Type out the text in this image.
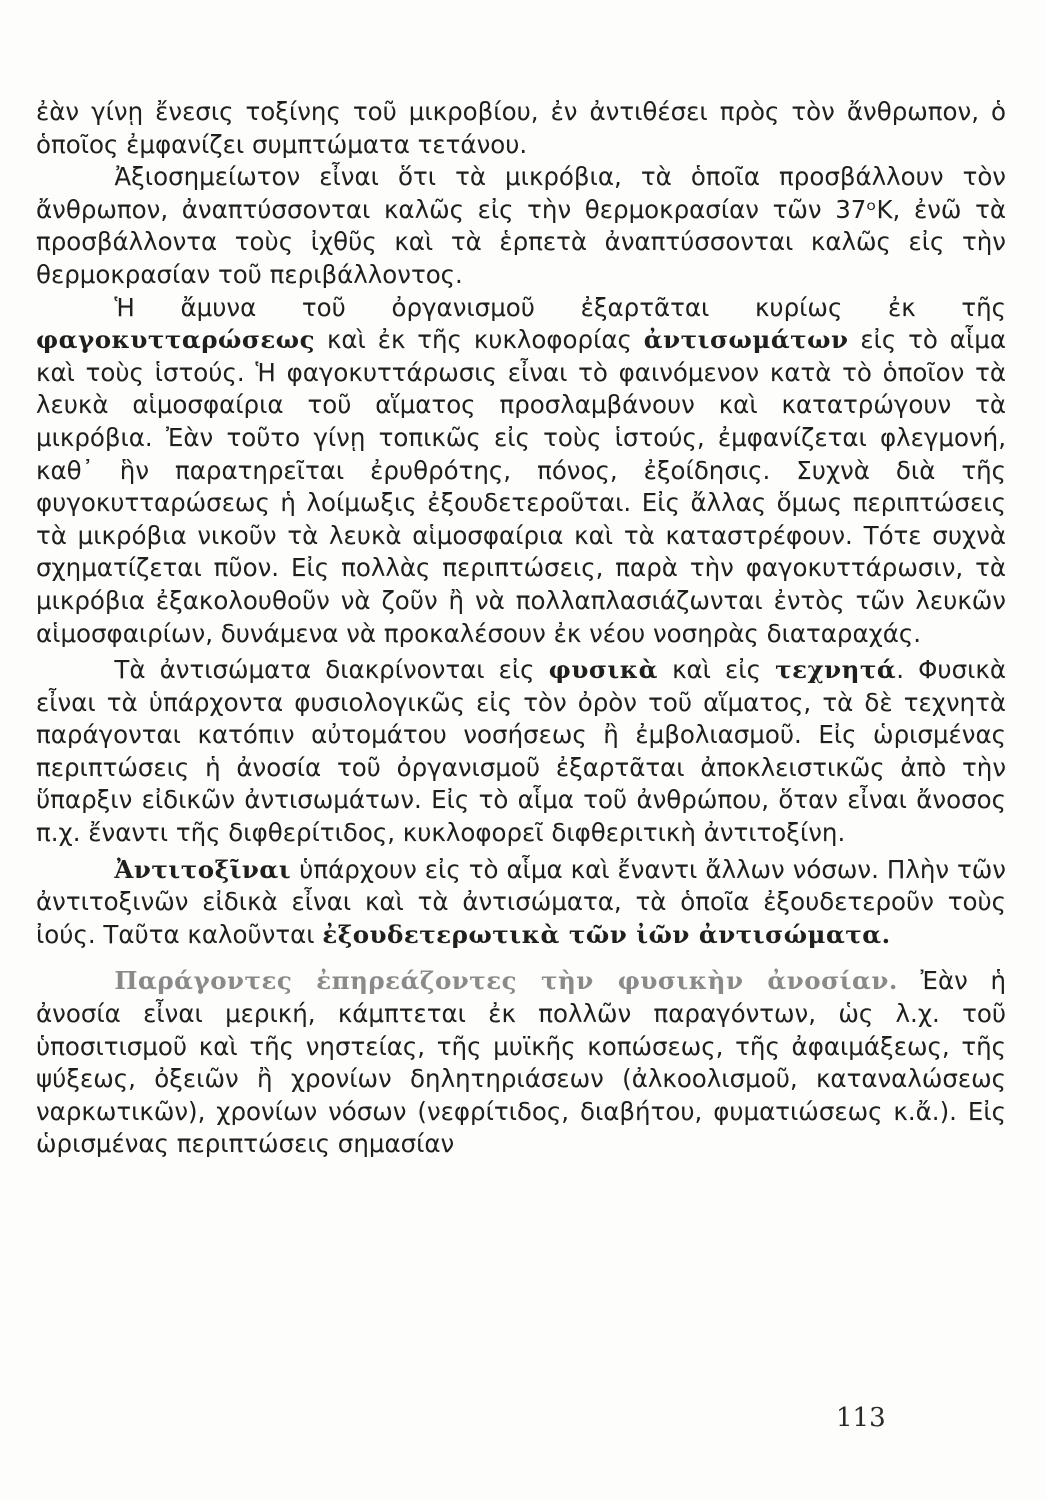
ἐὰν γίνῃ ἔνεσις τοξίνης τοῦ μικροβίου, ἐν ἀντιθέσει πρὸς τὸν ἄνθρωπον, ὁ ὁποῖος ἐμφανίζει συμπτώματα τετάνου.

Ἀξιοσημείωτον εἶναι ὅτι τὰ μικρόβια, τὰ ὁποῖα προσβάλλουν τὸν ἄνθρωπον, ἀναπτύσσονται καλῶς εἰς τὴν θερμοκρασίαν τῶν 37ᵒΚ, ἐνῶ τὰ προσβάλλοντα τοὺς ἰχθῦς καὶ τὰ ἑρπετὰ ἀναπτύσσονται καλῶς εἰς τὴν θερμοκρασίαν τοῦ περιβάλλοντος.

Ἡ ἄμυνα τοῦ ὀργανισμοῦ ἐξαρτᾶται κυρίως ἐκ τῆς φαγοκυτταρώσεως καὶ ἐκ τῆς κυκλοφορίας ἀντισωμάτων εἰς τὸ αἷμα καὶ τοὺς ἱστούς. Ἡ φαγοκυττάρωσις εἶναι τὸ φαινόμενον κατὰ τὸ ὁποῖον τὰ λευκὰ αἱμοσφαίρια τοῦ αἵματος προσλαμβάνουν καὶ κατατρώγουν τὰ μικρόβια. Ἐὰν τοῦτο γίνῃ τοπικῶς εἰς τοὺς ἱστούς, ἐμφανίζεται φλεγμονή, καθ᾽ ἣν παρατηρεῖται ἐρυθρότης, πόνος, ἐξοίδησις. Συχνὰ διὰ τῆς φυγοκυτταρώσεως ἡ λοίμωξις ἐξουδετεροῦται. Εἰς ἄλλας ὅμως περιπτώσεις τὰ μικρόβια νικοῦν τὰ λευκὰ αἱμοσφαίρια καὶ τὰ καταστρέφουν. Τότε συχνὰ σχηματίζεται πῦον. Εἰς πολλὰς περιπτώσεις, παρὰ τὴν φαγοκυττάρωσιν, τὰ μικρόβια ἐξακολουθοῦν νὰ ζοῦν ἢ νὰ πολλαπλασιάζωνται ἐντὸς τῶν λευκῶν αἱμοσφαιρίων, δυνάμενα νὰ προκαλέσουν ἐκ νέου νοσηρὰς διαταραχάς.

Τὰ ἀντισώματα διακρίνονται εἰς φυσικὰ καὶ εἰς τεχνητά. Φυσικὰ εἶναι τὰ ὑπάρχοντα φυσιολογικῶς εἰς τὸν ὀρὸν τοῦ αἵματος, τὰ δὲ τεχνητὰ παράγονται κατόπιν αὐτομάτου νοσήσεως ἢ ἐμβολιασμοῦ. Εἰς ὡρισμένας περιπτώσεις ἡ ἀνοσία τοῦ ὀργανισμοῦ ἐξαρτᾶται ἀποκλειστικῶς ἀπὸ τὴν ὕπαρξιν εἰδικῶν ἀντισωμάτων. Εἰς τὸ αἷμα τοῦ ἀνθρώπου, ὅταν εἶναι ἄνοσος π.χ. ἔναντι τῆς διφθερίτιδος, κυκλοφορεῖ διφθεριτικὴ ἀντιτοξίνη.

Ἀντιτοξῖναι ὑπάρχουν εἰς τὸ αἷμα καὶ ἔναντι ἄλλων νόσων. Πλὴν τῶν ἀντιτοξινῶν εἰδικὰ εἶναι καὶ τὰ ἀντισώματα, τὰ ὁποῖα ἐξουδετεροῦν τοὺς ἰούς. Ταῦτα καλοῦνται ἐξουδετερωτικὰ τῶν ἰῶν ἀντισώματα.

Παράγοντες ἐπηρεάζοντες τὴν φυσικὴν ἀνοσίαν. Ἐὰν ἡ ἀνοσία εἶναι μερική, κάμπτεται ἐκ πολλῶν παραγόντων, ὡς λ.χ. τοῦ ὑποσιτισμοῦ καὶ τῆς νηστείας, τῆς μυϊκῆς κοπώσεως, τῆς ἀφαιμάξεως, τῆς ψύξεως, ὀξειῶν ἢ χρονίων δηλητηριάσεων (ἀλκοολισμοῦ, καταναλώσεως ναρκωτικῶν), χρονίων νόσων (νεφρίτιδος, διαβήτου, φυματιώσεως κ.ἄ.). Εἰς ὡρισμένας περιπτώσεις σημασίαν

113
